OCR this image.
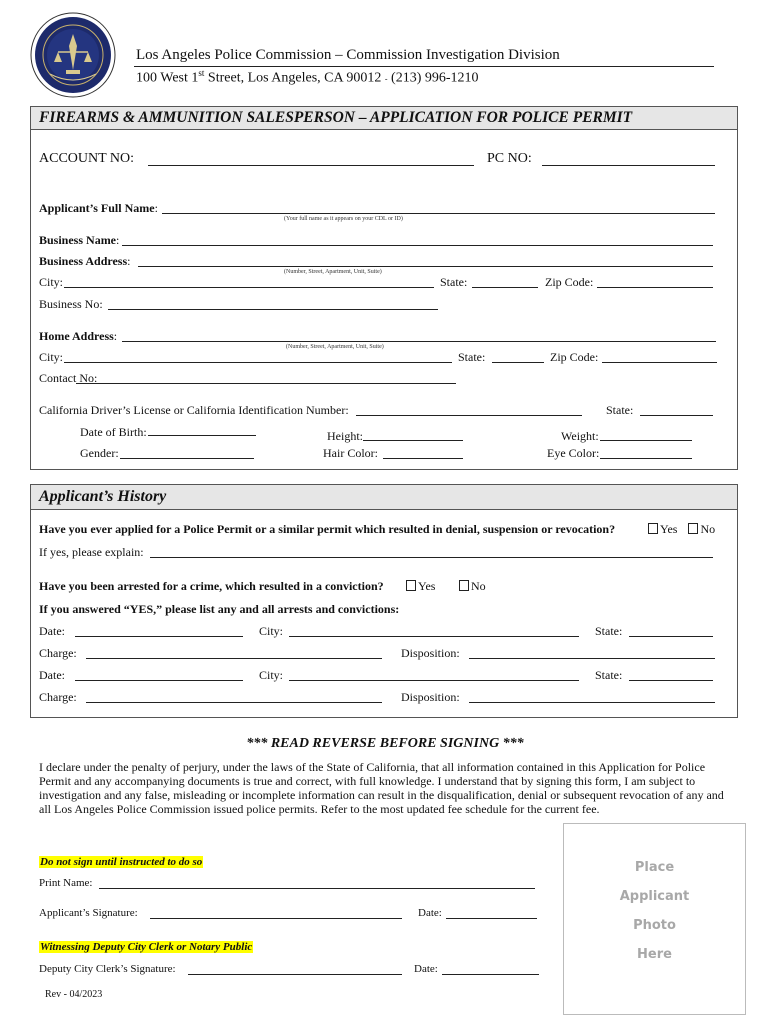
Los Angeles Police Commission – Commission Investigation Division
100 West 1st Street, Los Angeles, CA 90012 - (213) 996-1210
FIREARMS & AMMUNITION SALESPERSON – APPLICATION FOR POLICE PERMIT
ACCOUNT NO:	PC NO:
Applicant’s Full Name:
(Your full name as it appears on your CDL or ID)
Business Name:
Business Address:
(Number, Street, Apartment, Unit, Suite)
City:	State:	Zip Code:
Business No:
Home Address:
(Number, Street, Apartment, Unit, Suite)
City:	State:	Zip Code:
Contact No:
California Driver’s License or California Identification Number:	State:
Date of Birth:	Height:	Weight:
Gender:	Hair Color:	Eye Color:
Applicant’s History
Have you ever applied for a Police Permit or a similar permit which resulted in denial, suspension or revocation?	Yes No
If yes, please explain:
Have you been arrested for a crime, which resulted in a conviction?	Yes	No
If you answered “YES,” please list any and all arrests and convictions:
Date:	City:	State:
Charge:	Disposition:
Date:	City:	State:
Charge:	Disposition:
*** READ REVERSE BEFORE SIGNING ***
I declare under the penalty of perjury, under the laws of the State of California, that all information contained in this Application for Police Permit and any accompanying documents is true and correct, with full knowledge. I understand that by signing this form, I am subject to investigation and any false, misleading or incomplete information can result in the disqualification, denial or subsequent revocation of any and all Los Angeles Police Commission issued police permits. Refer to the most updated fee schedule for the current fee.
Do not sign until instructed to do so
Print Name:
Applicant’s Signature:	Date:
Witnessing Deputy City Clerk or Notary Public
Deputy City Clerk’s Signature:	Date:
Place
Applicant
Photo
Here
Rev - 04/2023
